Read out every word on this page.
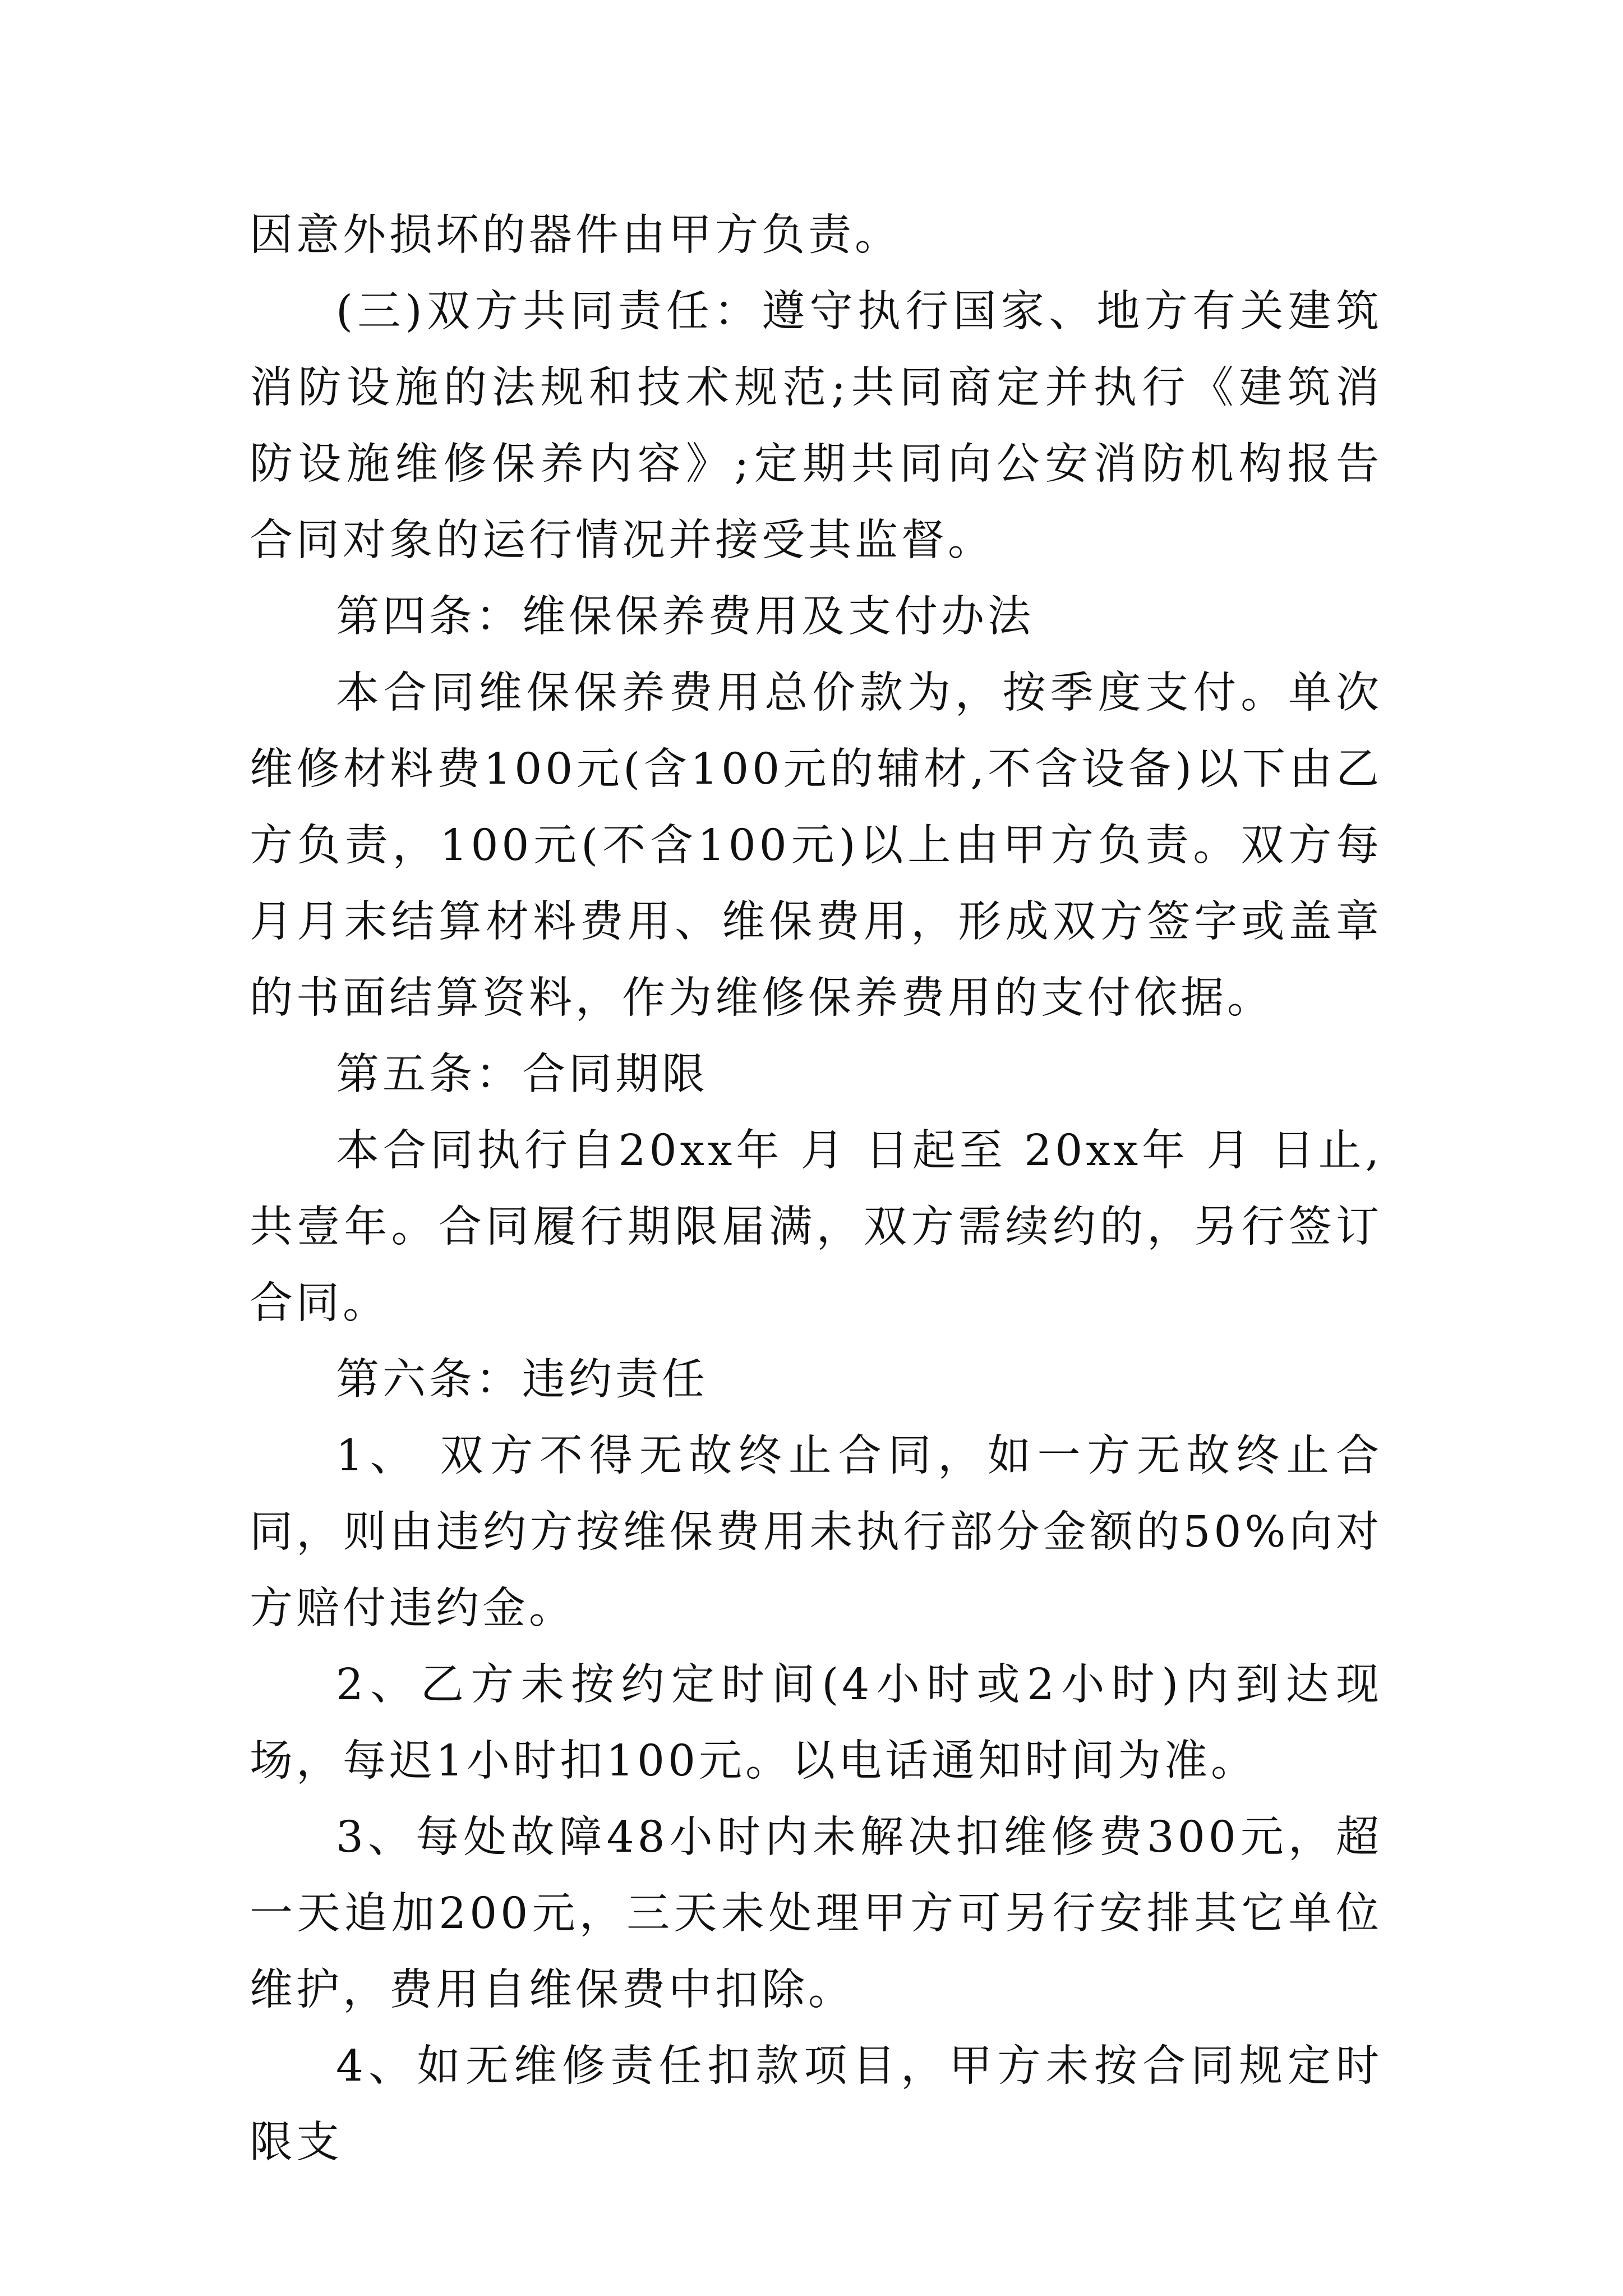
因意外损坏的器件由甲方负责。

(三)双方共同责任：遵守执行国家、地方有关建筑消防设施的法规和技术规范;共同商定并执行《建筑消防设施维修保养内容》;定期共同向公安消防机构报告合同对象的运行情况并接受其监督。

第四条：维保保养费用及支付办法

本合同维保保养费用总价款为，按季度支付。单次维修材料费100元(含100元的辅材,不含设备)以下由乙方负责，100元(不含100元)以上由甲方负责。双方每月月末结算材料费用、维保费用，形成双方签字或盖章的书面结算资料，作为维修保养费用的支付依据。

第五条：合同期限

本合同执行自20xx年 月 日起至 20xx年 月 日止,共壹年。合同履行期限届满，双方需续约的，另行签订合同。

第六条：违约责任

1、 双方不得无故终止合同，如一方无故终止合同，则由违约方按维保费用未执行部分金额的50%向对方赔付违约金。

2、乙方未按约定时间(4小时或2小时)内到达现场，每迟1小时扣100元。以电话通知时间为准。

3、每处故障48小时内未解决扣维修费300元，超一天追加200元，三天未处理甲方可另行安排其它单位维护，费用自维保费中扣除。

4、如无维修责任扣款项目，甲方未按合同规定时限支
